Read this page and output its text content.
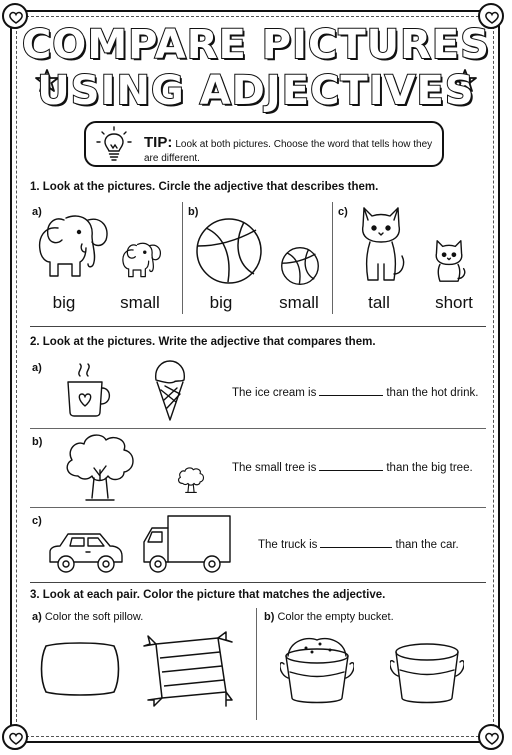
COMPARE PICTURES
USING ADJECTIVES
TIP: Look at both pictures. Choose the word that tells how they are different.
1. Look at the pictures. Circle the adjective that describes them.
a)	b)	c)
big	small	big	small	tall	short
2. Look at the pictures. Write the adjective that compares them.
a)
The ice cream is	than the hot drink.
b)
The small tree is	than the big tree.
c)
The truck is	than the car.
3. Look at each pair. Color the picture that matches the adjective.
a) Color the soft pillow.	b) Color the empty bucket.
